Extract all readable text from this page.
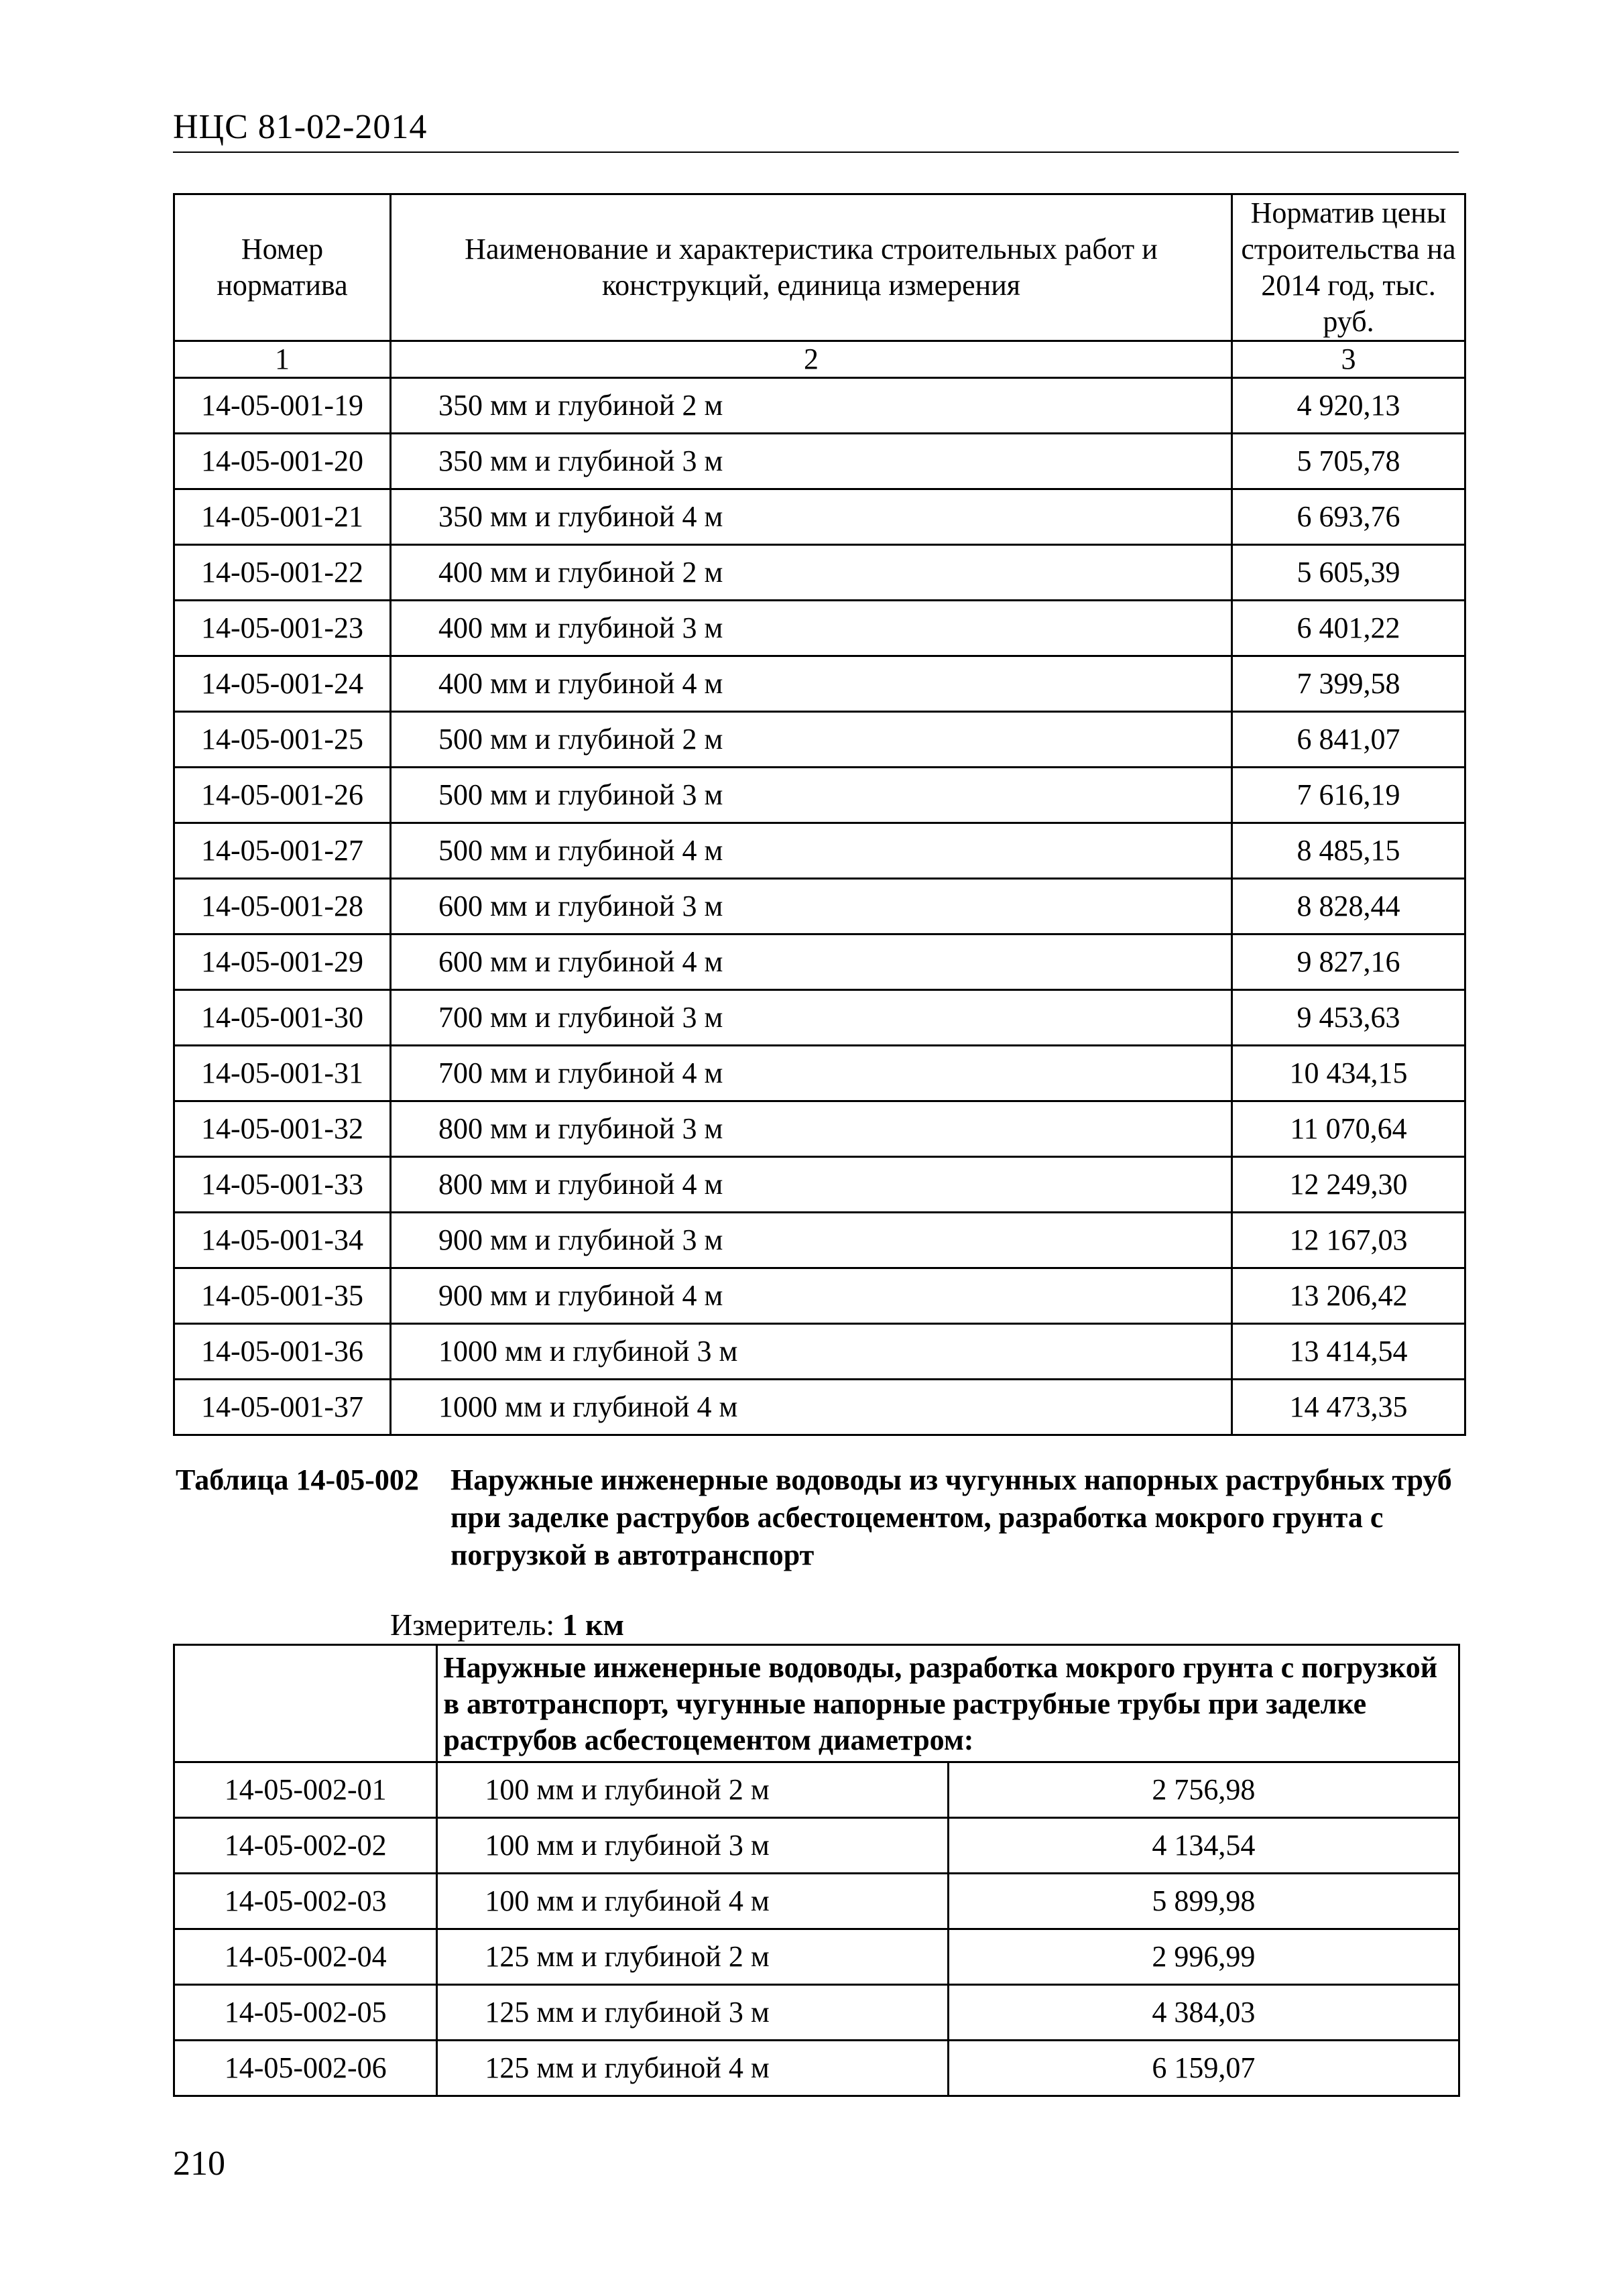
НЦС 81-02-2014
Номер норматива	Наименование и характеристика строительных работ и конструкций, единица измерения	Норматив цены строительства на 2014 год, тыс. руб.
1	2	3
14-05-001-19	350 мм и глубиной 2 м	4 920,13
14-05-001-20	350 мм и глубиной 3 м	5 705,78
14-05-001-21	350 мм и глубиной 4 м	6 693,76
14-05-001-22	400 мм и глубиной 2 м	5 605,39
14-05-001-23	400 мм и глубиной 3 м	6 401,22
14-05-001-24	400 мм и глубиной 4 м	7 399,58
14-05-001-25	500 мм и глубиной 2 м	6 841,07
14-05-001-26	500 мм и глубиной 3 м	7 616,19
14-05-001-27	500 мм и глубиной 4 м	8 485,15
14-05-001-28	600 мм и глубиной 3 м	8 828,44
14-05-001-29	600 мм и глубиной 4 м	9 827,16
14-05-001-30	700 мм и глубиной 3 м	9 453,63
14-05-001-31	700 мм и глубиной 4 м	10 434,15
14-05-001-32	800 мм и глубиной 3 м	11 070,64
14-05-001-33	800 мм и глубиной 4 м	12 249,30
14-05-001-34	900 мм и глубиной 3 м	12 167,03
14-05-001-35	900 мм и глубиной 4 м	13 206,42
14-05-001-36	1000 мм и глубиной 3 м	13 414,54
14-05-001-37	1000 мм и глубиной 4 м	14 473,35
Таблица 14-05-002 Наружные инженерные водоводы из чугунных напорных раструбных труб при заделке раструбов асбестоцементом, разработка мокрого грунта с погрузкой в автотранспорт
Измеритель: 1 км
	Наружные инженерные водоводы, разработка мокрого грунта с погрузкой в автотранспорт, чугунные напорные раструбные трубы при заделке раструбов асбестоцементом диаметром:	
14-05-002-01	100 мм и глубиной 2 м	2 756,98
14-05-002-02	100 мм и глубиной 3 м	4 134,54
14-05-002-03	100 мм и глубиной 4 м	5 899,98
14-05-002-04	125 мм и глубиной 2 м	2 996,99
14-05-002-05	125 мм и глубиной 3 м	4 384,03
14-05-002-06	125 мм и глубиной 4 м	6 159,07
210
